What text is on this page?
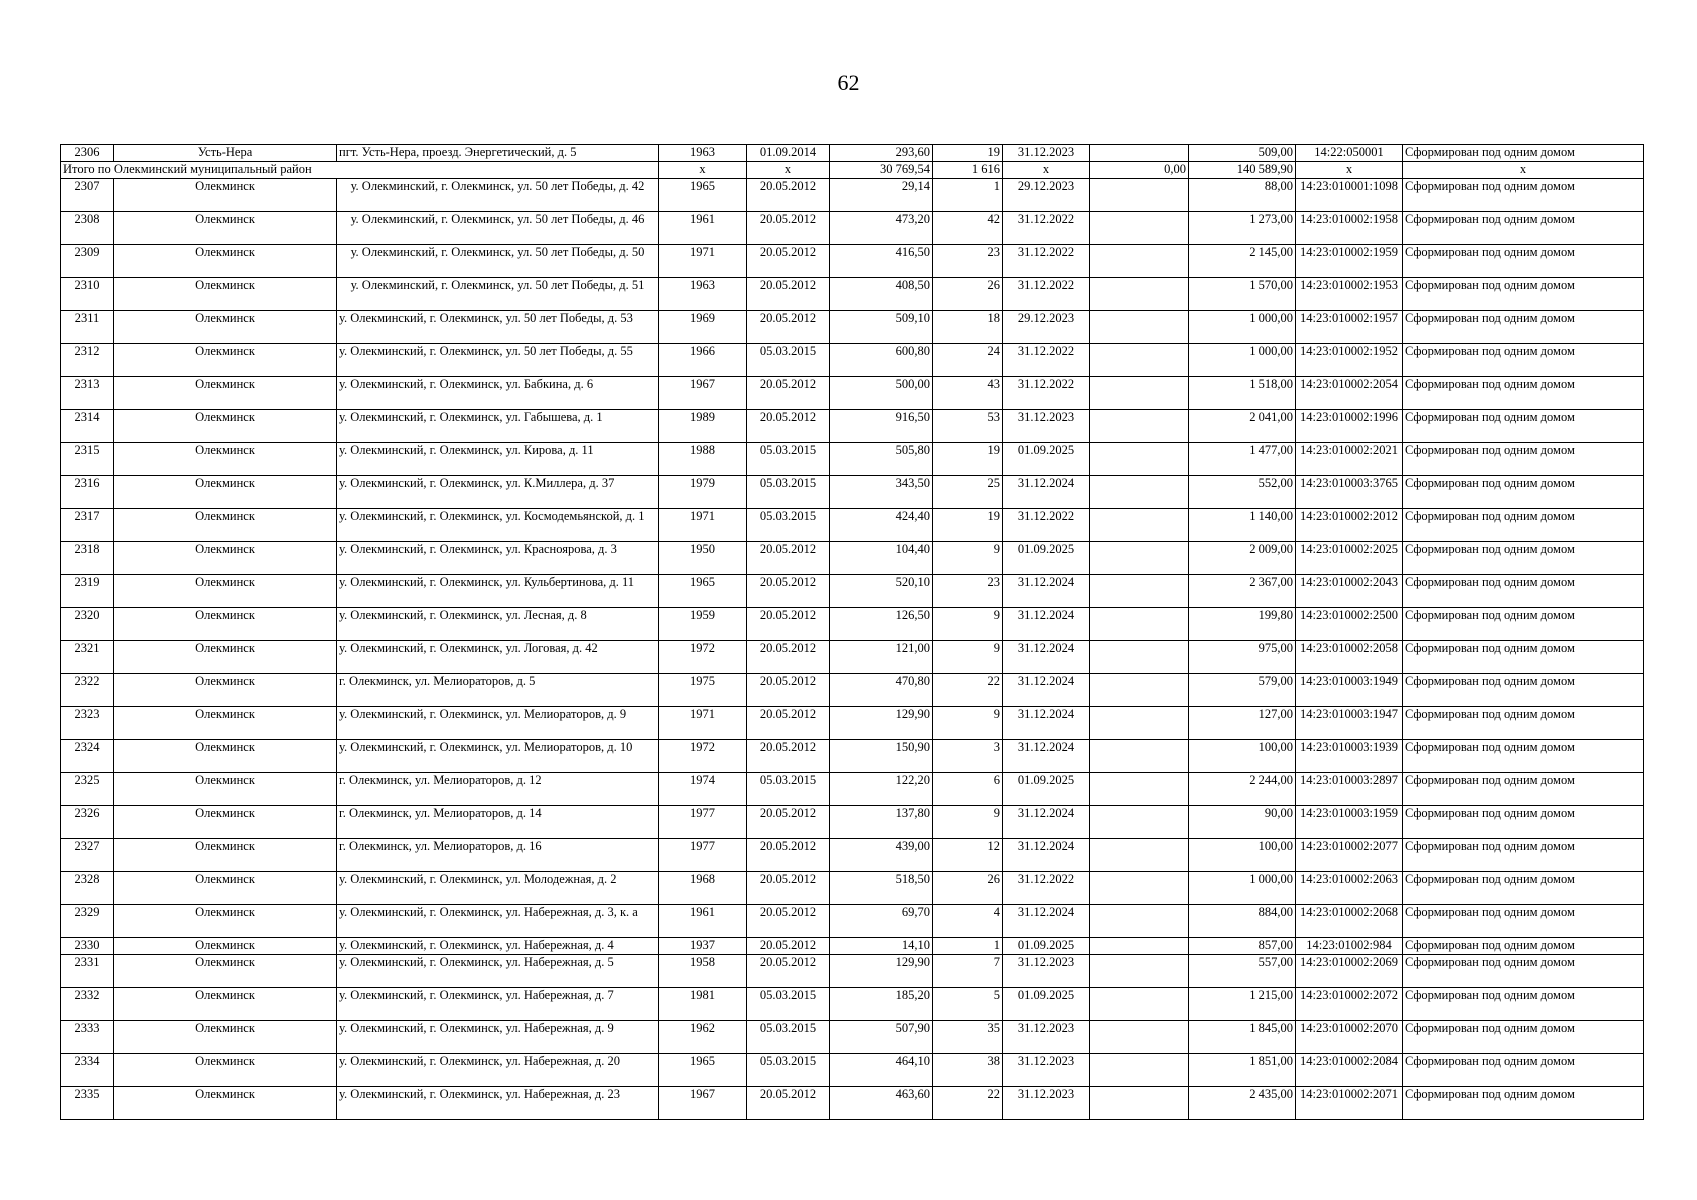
62
2306	Усть-Нера	пгт. Усть-Нера, проезд. Энергетический, д. 5	1963	01.09.2014	293,60	19	31.12.2023		509,00	14:22:050001	Сформирован под одним домом
Итого по Олекминский муниципальный район			x	x	30 769,54	1 616	x	0,00	140 589,90	x	x
2307	Олекминск	у. Олекминский, г. Олекминск, ул. 50 лет Победы, д. 42	1965	20.05.2012	29,14	1	29.12.2023		88,00	14:23:010001:1098	Сформирован под одним домом
2308	Олекминск	у. Олекминский, г. Олекминск, ул. 50 лет Победы, д. 46	1961	20.05.2012	473,20	42	31.12.2022		1 273,00	14:23:010002:1958	Сформирован под одним домом
2309	Олекминск	у. Олекминский, г. Олекминск, ул. 50 лет Победы, д. 50	1971	20.05.2012	416,50	23	31.12.2022		2 145,00	14:23:010002:1959	Сформирован под одним домом
2310	Олекминск	у. Олекминский, г. Олекминск, ул. 50 лет Победы, д. 51	1963	20.05.2012	408,50	26	31.12.2022		1 570,00	14:23:010002:1953	Сформирован под одним домом
2311	Олекминск	у. Олекминский, г. Олекминск, ул. 50 лет Победы, д. 53	1969	20.05.2012	509,10	18	29.12.2023		1 000,00	14:23:010002:1957	Сформирован под одним домом
2312	Олекминск	у. Олекминский, г. Олекминск, ул. 50 лет Победы, д. 55	1966	05.03.2015	600,80	24	31.12.2022		1 000,00	14:23:010002:1952	Сформирован под одним домом
2313	Олекминск	у. Олекминский, г. Олекминск, ул. Бабкина, д. 6	1967	20.05.2012	500,00	43	31.12.2022		1 518,00	14:23:010002:2054	Сформирован под одним домом
2314	Олекминск	у. Олекминский, г. Олекминск, ул. Габышева, д. 1	1989	20.05.2012	916,50	53	31.12.2023		2 041,00	14:23:010002:1996	Сформирован под одним домом
2315	Олекминск	у. Олекминский, г. Олекминск, ул. Кирова, д. 11	1988	05.03.2015	505,80	19	01.09.2025		1 477,00	14:23:010002:2021	Сформирован под одним домом
2316	Олекминск	у. Олекминский, г. Олекминск, ул. К.Миллера, д. 37	1979	05.03.2015	343,50	25	31.12.2024		552,00	14:23:010003:3765	Сформирован под одним домом
2317	Олекминск	у. Олекминский, г. Олекминск, ул. Космодемьянской, д. 1	1971	05.03.2015	424,40	19	31.12.2022		1 140,00	14:23:010002:2012	Сформирован под одним домом
2318	Олекминск	у. Олекминский, г. Олекминск, ул. Красноярова, д. 3	1950	20.05.2012	104,40	9	01.09.2025		2 009,00	14:23:010002:2025	Сформирован под одним домом
2319	Олекминск	у. Олекминский, г. Олекминск, ул. Кульбертинова, д. 11	1965	20.05.2012	520,10	23	31.12.2024		2 367,00	14:23:010002:2043	Сформирован под одним домом
2320	Олекминск	у. Олекминский, г. Олекминск, ул. Лесная, д. 8	1959	20.05.2012	126,50	9	31.12.2024		199,80	14:23:010002:2500	Сформирован под одним домом
2321	Олекминск	у. Олекминский, г. Олекминск, ул. Логовая, д. 42	1972	20.05.2012	121,00	9	31.12.2024		975,00	14:23:010002:2058	Сформирован под одним домом
2322	Олекминск	г. Олекминск, ул. Мелиораторов, д. 5	1975	20.05.2012	470,80	22	31.12.2024		579,00	14:23:010003:1949	Сформирован под одним домом
2323	Олекминск	у. Олекминский, г. Олекминск, ул. Мелиораторов, д. 9	1971	20.05.2012	129,90	9	31.12.2024		127,00	14:23:010003:1947	Сформирован под одним домом
2324	Олекминск	у. Олекминский, г. Олекминск, ул. Мелиораторов, д. 10	1972	20.05.2012	150,90	3	31.12.2024		100,00	14:23:010003:1939	Сформирован под одним домом
2325	Олекминск	г. Олекминск, ул. Мелиораторов, д. 12	1974	05.03.2015	122,20	6	01.09.2025		2 244,00	14:23:010003:2897	Сформирован под одним домом
2326	Олекминск	г. Олекминск, ул. Мелиораторов, д. 14	1977	20.05.2012	137,80	9	31.12.2024		90,00	14:23:010003:1959	Сформирован под одним домом
2327	Олекминск	г. Олекминск, ул. Мелиораторов, д. 16	1977	20.05.2012	439,00	12	31.12.2024		100,00	14:23:010002:2077	Сформирован под одним домом
2328	Олекминск	у. Олекминский, г. Олекминск, ул. Молодежная, д. 2	1968	20.05.2012	518,50	26	31.12.2022		1 000,00	14:23:010002:2063	Сформирован под одним домом
2329	Олекминск	у. Олекминский, г. Олекминск, ул. Набережная, д. 3, к. а	1961	20.05.2012	69,70	4	31.12.2024		884,00	14:23:010002:2068	Сформирован под одним домом
2330	Олекминск	у. Олекминский, г. Олекминск, ул. Набережная, д. 4	1937	20.05.2012	14,10	1	01.09.2025		857,00	14:23:01002:984	Сформирован под одним домом
2331	Олекминск	у. Олекминский, г. Олекминск, ул. Набережная, д. 5	1958	20.05.2012	129,90	7	31.12.2023		557,00	14:23:010002:2069	Сформирован под одним домом
2332	Олекминск	у. Олекминский, г. Олекминск, ул. Набережная, д. 7	1981	05.03.2015	185,20	5	01.09.2025		1 215,00	14:23:010002:2072	Сформирован под одним домом
2333	Олекминск	у. Олекминский, г. Олекминск, ул. Набережная, д. 9	1962	05.03.2015	507,90	35	31.12.2023		1 845,00	14:23:010002:2070	Сформирован под одним домом
2334	Олекминск	у. Олекминский, г. Олекминск, ул. Набережная, д. 20	1965	05.03.2015	464,10	38	31.12.2023		1 851,00	14:23:010002:2084	Сформирован под одним домом
2335	Олекминск	у. Олекминский, г. Олекминск, ул. Набережная, д. 23	1967	20.05.2012	463,60	22	31.12.2023		2 435,00	14:23:010002:2071	Сформирован под одним домом
